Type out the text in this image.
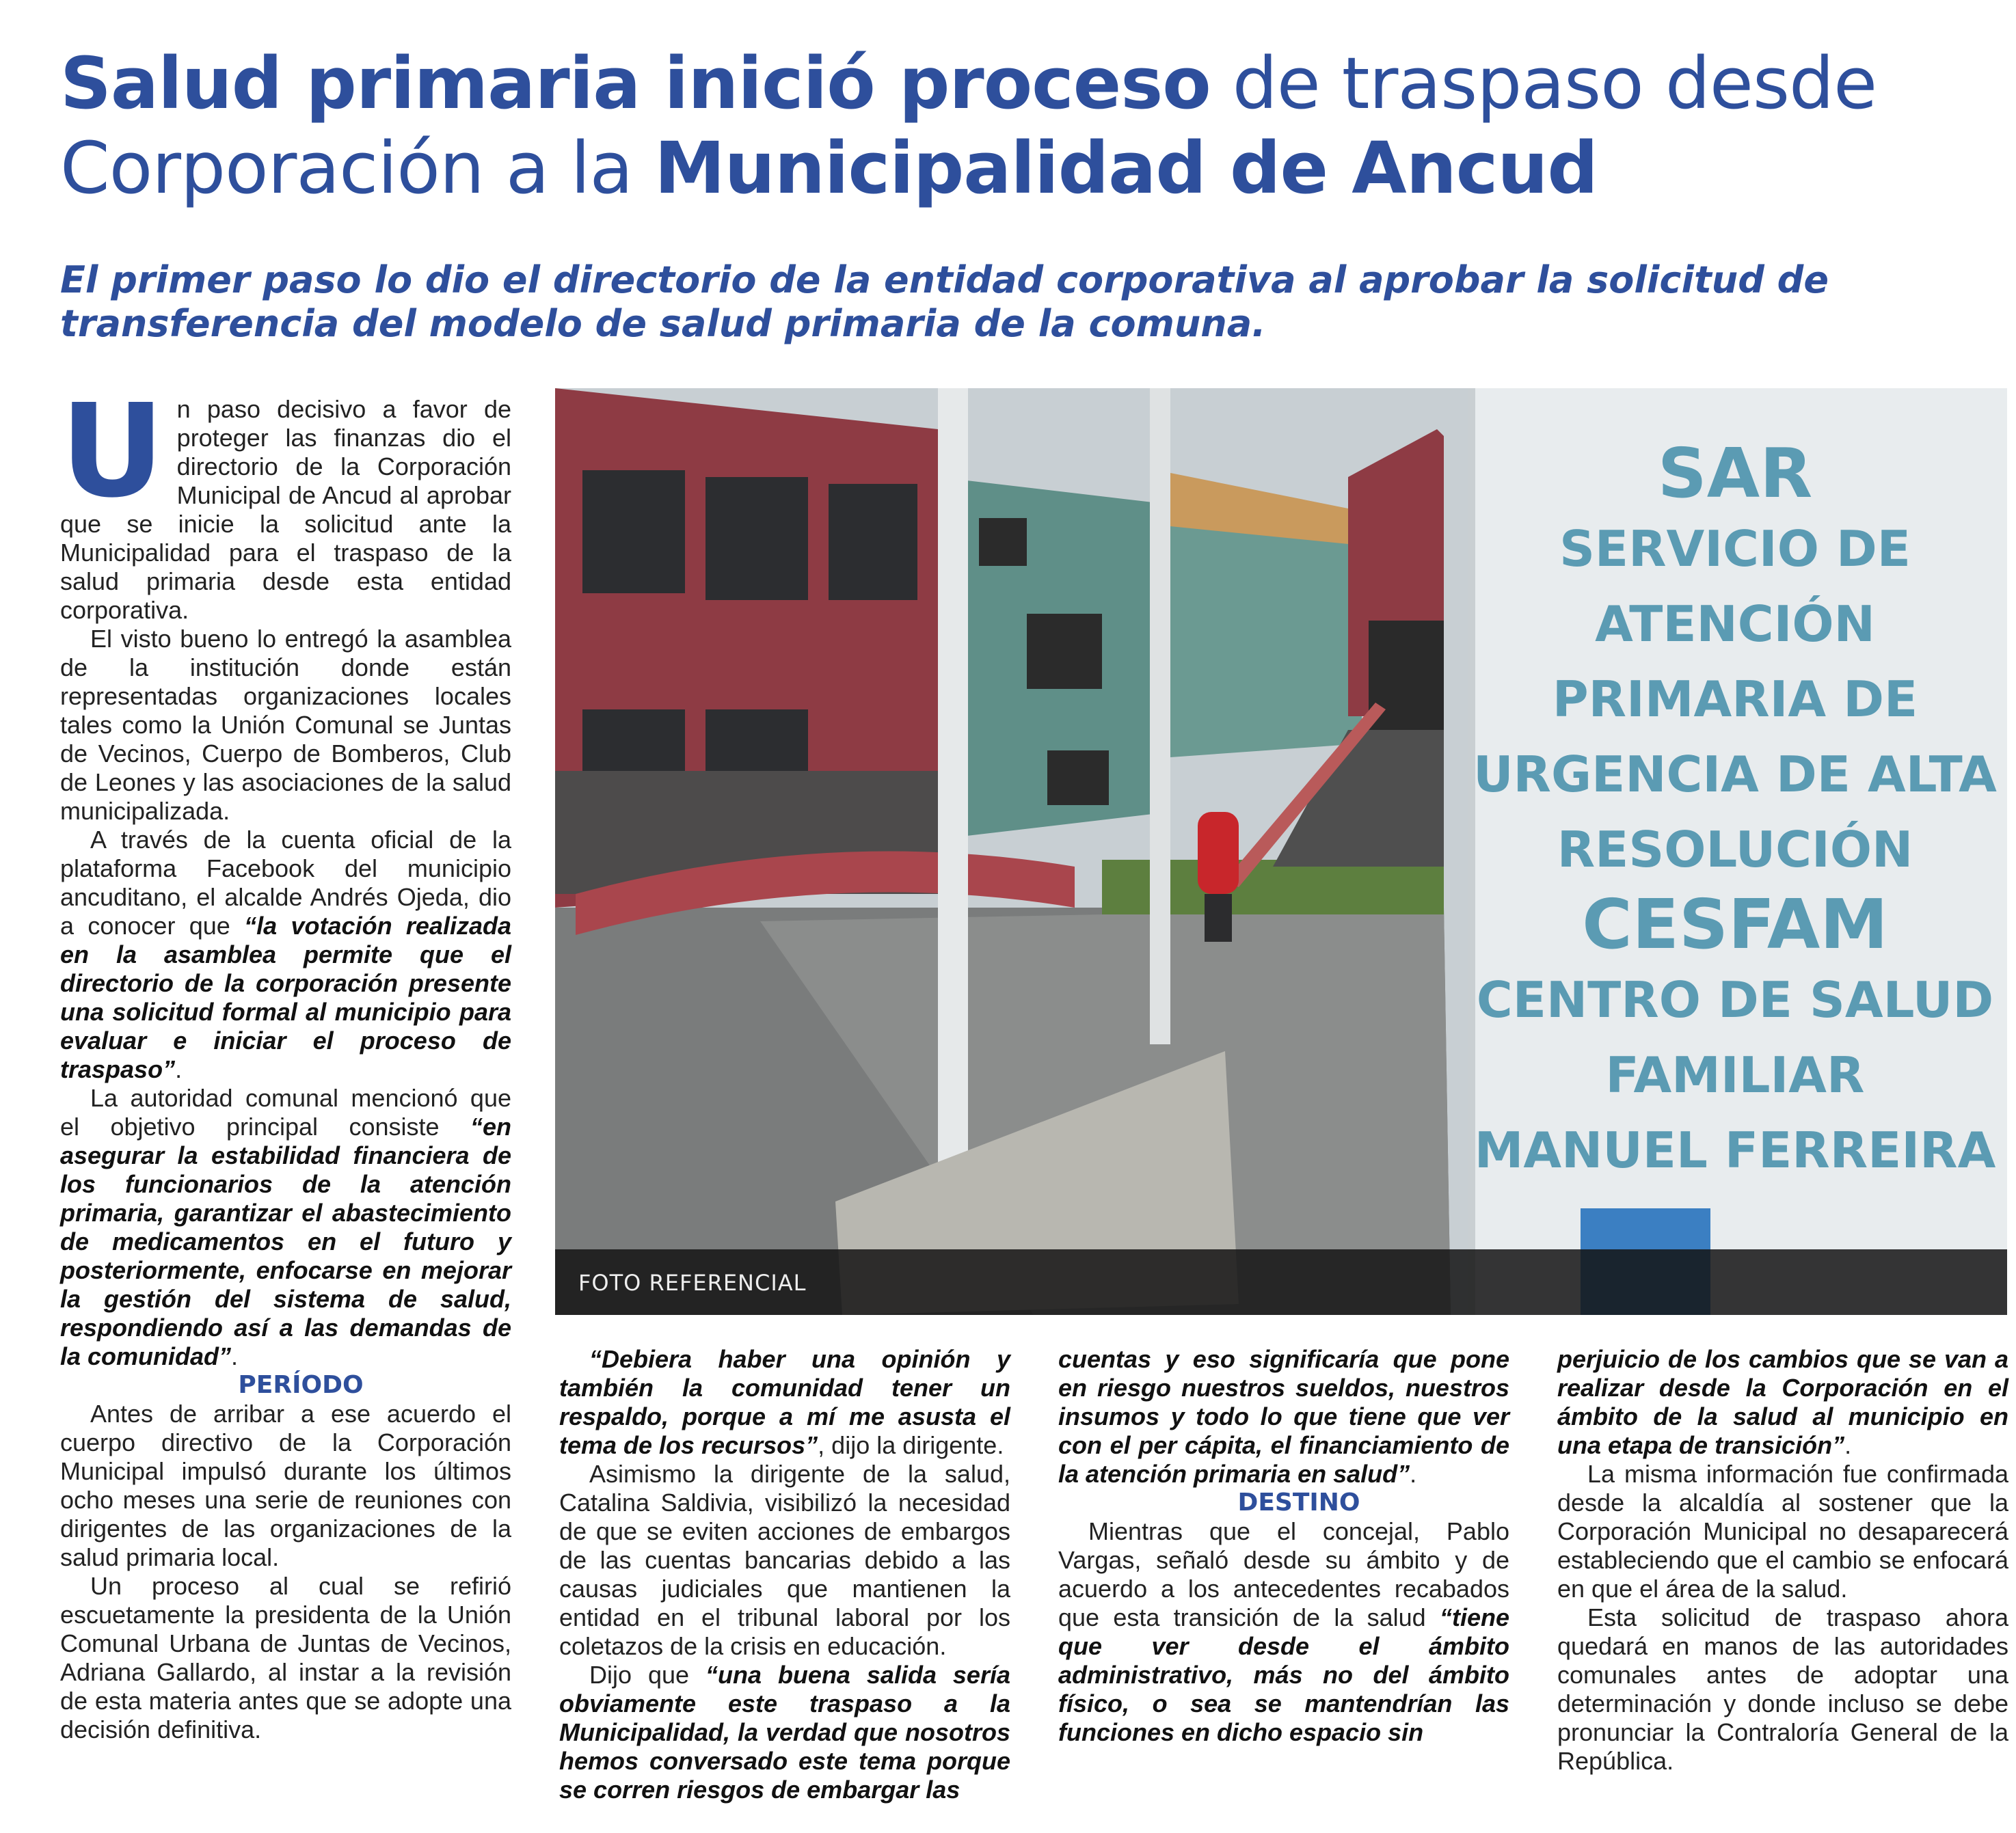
Salud primaria inició proceso de traspaso desde
Corporación a la Municipalidad de Ancud

El primer paso lo dio el directorio de la entidad corporativa al aprobar la solicitud de transferencia del modelo de salud primaria de la comuna.

Un paso decisivo a favor de proteger las finanzas dio el directorio de la Corporación Municipal de Ancud al aprobar que se inicie la solicitud ante la Municipalidad para el traspaso de la salud primaria desde esta entidad corporativa.

El visto bueno lo entregó la asamblea de la institución donde están representadas organizaciones locales tales como la Unión Comunal se Juntas de Vecinos, Cuerpo de Bomberos, Club de Leones y las asociaciones de la salud municipalizada.

A través de la cuenta oficial de la plataforma Facebook del municipio ancuditano, el alcalde Andrés Ojeda, dio a conocer que “la votación realizada en la asamblea permite que el directorio de la corporación presente una solicitud formal al municipio para evaluar e iniciar el proceso de traspaso”.

La autoridad comunal mencionó que el objetivo principal consiste “en asegurar la estabilidad financiera de los funcionarios de la atención primaria, garantizar el abastecimiento de medicamentos en el futuro y posteriormente, enfocarse en mejorar la gestión del sistema de salud, respondiendo así a las demandas de la comunidad”.

PERÍODO

Antes de arribar a ese acuerdo el cuerpo directivo de la Corporación Municipal impulsó durante los últimos ocho meses una serie de reuniones con dirigentes de las organizaciones de la salud primaria local.

Un proceso al cual se refirió escuetamente la presidenta de la Unión Comunal Urbana de Juntas de Vecinos, Adriana Gallardo, al instar a la revisión de esta materia antes que se adopte una decisión definitiva.

SAR
SERVICIO DE
ATENCIÓN
PRIMARIA DE
URGENCIA DE ALTA
RESOLUCIÓN
CESFAM
CENTRO DE SALUD
FAMILIAR
MANUEL FERREIRA
FOTO REFERENCIAL

“Debiera haber una opinión y también la comunidad tener un respaldo, porque a mí me asusta el tema de los recursos”, dijo la dirigente.

Asimismo la dirigente de la salud, Catalina Saldivia, visibilizó la necesidad de que se eviten acciones de embargos de las cuentas bancarias debido a las causas judiciales que mantienen la entidad en el tribunal laboral por los coletazos de la crisis en educación.

Dijo que “una buena salida sería obviamente este traspaso a la Municipalidad, la verdad que nosotros hemos conversado este tema porque se corren riesgos de embargar las

cuentas y eso significaría que pone en riesgo nuestros sueldos, nuestros insumos y todo lo que tiene que ver con el per cápita, el financiamiento de la atención primaria en salud”.

DESTINO

Mientras que el concejal, Pablo Vargas, señaló desde su ámbito y de acuerdo a los antecedentes recabados que esta transición de la salud “tiene que ver desde el ámbito administrativo, más no del ámbito físico, o sea se mantendrían las funciones en dicho espacio sin

perjuicio de los cambios que se van a realizar desde la Corporación en el ámbito de la salud al municipio en una etapa de transición”.

La misma información fue confirmada desde la alcaldía al sostener que la Corporación Municipal no desaparecerá estableciendo que el cambio se enfocará en que el área de la salud.

Esta solicitud de traspaso ahora quedará en manos de las autoridades comunales antes de adoptar una determinación y donde incluso se debe pronunciar la Contraloría General de la República.
